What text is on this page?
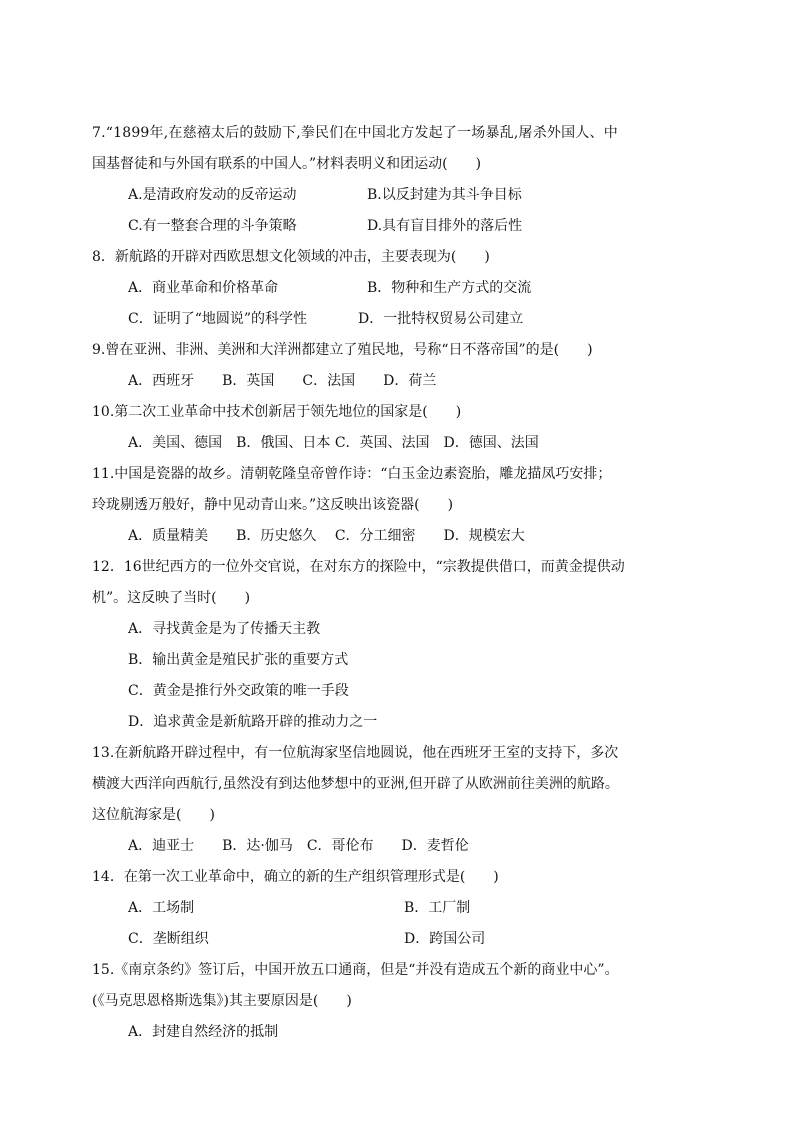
7.“1899年,在慈禧太后的鼓励下,拳民们在中国北方发起了一场暴乱,屠杀外国人、中
国基督徒和与外国有联系的中国人。”材料表明义和团运动(　　)
A.是清政府发动的反帝运动	B.以反封建为其斗争目标
C.有一整套合理的斗争策略	D.具有盲目排外的落后性
8．新航路的开辟对西欧思想文化领域的冲击，主要表现为(　　)
A．商业革命和价格革命	B．物种和生产方式的交流
C．证明了“地圆说”的科学性	D．一批特权贸易公司建立
9.曾在亚洲、非洲、美洲和大洋洲都建立了殖民地，号称“日不落帝国”的是(　　)
A．西班牙　　B．英国　　C．法国　　D．荷兰
10.第二次工业革命中技术创新居于领先地位的国家是(　　)
A．美国、德国　B．俄国、日本 C．英国、法国　D．德国、法国
11.中国是瓷器的故乡。清朝乾隆皇帝曾作诗：“白玉金边素瓷胎，雕龙描凤巧安排；
玲珑剔透万般好，静中见动青山来。”这反映出该瓷器(　　)
A．质量精美　　B．历史悠久　 C．分工细密　　D．规模宏大
12．16世纪西方的一位外交官说，在对东方的探险中，“宗教提供借口，而黄金提供动
机”。这反映了当时(　　)
A．寻找黄金是为了传播天主教
B．输出黄金是殖民扩张的重要方式
C．黄金是推行外交政策的唯一手段
D．追求黄金是新航路开辟的推动力之一
13.在新航路开辟过程中，有一位航海家坚信地圆说，他在西班牙王室的支持下，多次
横渡大西洋向西航行,虽然没有到达他梦想中的亚洲,但开辟了从欧洲前往美洲的航路。
这位航海家是(　　)
A．迪亚士　　B．达·伽马　C．哥伦布　　D．麦哲伦
14．在第一次工业革命中，确立的新的生产组织管理形式是(　　)
A．工场制	B．工厂制
C．垄断组织	D．跨国公司
15.《南京条约》签订后，中国开放五口通商，但是“并没有造成五个新的商业中心”。
(《马克思恩格斯选集》)其主要原因是(　　)
A．封建自然经济的抵制
